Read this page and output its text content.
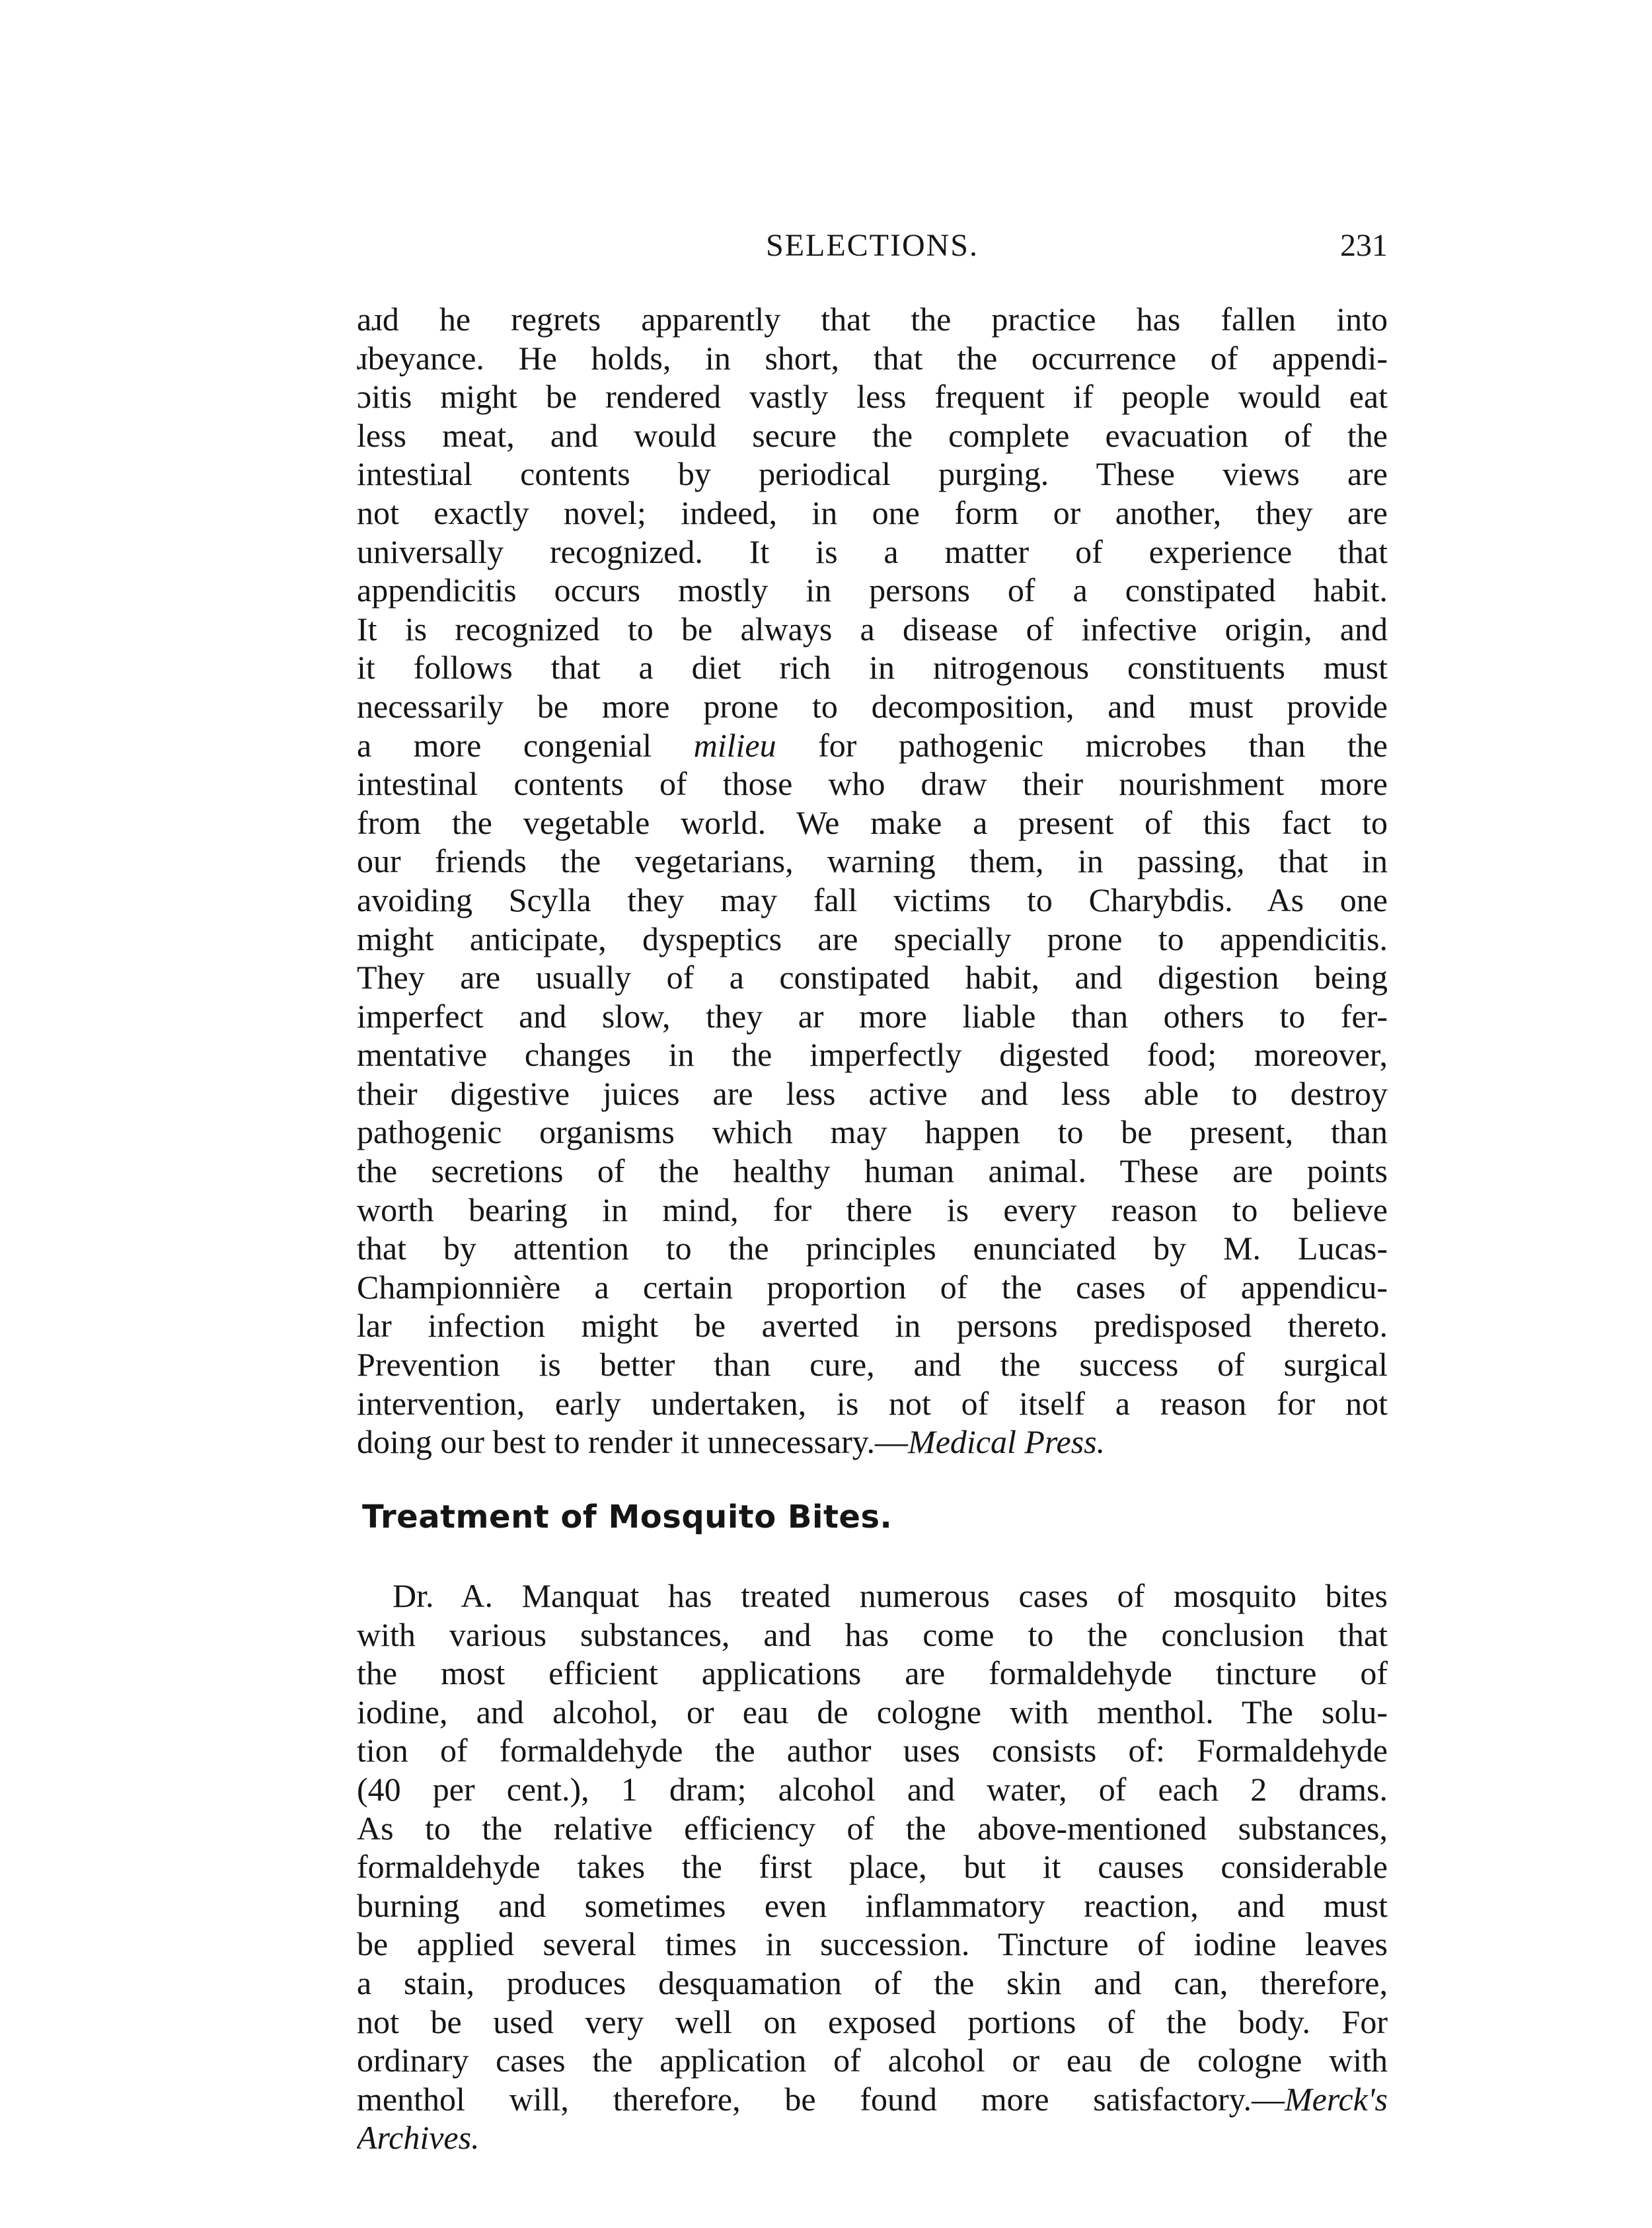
SELECTIONS.	231
aɹd he regrets apparently that the practice has fallen into
ɹbeyance. He holds, in short, that the occurrence of appendi-
ɔitis might be rendered vastly less frequent if people would eat
less meat, and would secure the complete evacuation of the
intestiɹal contents by periodical purging. These views are
not exactly novel; indeed, in one form or another, they are
universally recognized. It is a matter of experience that
appendicitis occurs mostly in persons of a constipated habit.
It is recognized to be always a disease of infective origin, and
it follows that a diet rich in nitrogenous constituents must
necessarily be more prone to decomposition, and must provide
a more congenial milieu for pathogenic microbes than the
intestinal contents of those who draw their nourishment more
from the vegetable world. We make a present of this fact to
our friends the vegetarians, warning them, in passing, that in
avoiding Scylla they may fall victims to Charybdis. As one
might anticipate, dyspeptics are specially prone to appendicitis.
They are usually of a constipated habit, and digestion being
imperfect and slow, they ar more liable than others to fer-
mentative changes in the imperfectly digested food; moreover,
their digestive juices are less active and less able to destroy
pathogenic organisms which may happen to be present, than
the secretions of the healthy human animal. These are points
worth bearing in mind, for there is every reason to believe
that by attention to the principles enunciated by M. Lucas-
Championnière a certain proportion of the cases of appendicu-
lar infection might be averted in persons predisposed thereto.
Prevention is better than cure, and the success of surgical
intervention, early undertaken, is not of itself a reason for not
doing our best to render it unnecessary.—Medical Press.
Treatment of Mosquito Bites.
Dr. A. Manquat has treated numerous cases of mosquito bites
with various substances, and has come to the conclusion that
the most efficient applications are formaldehyde tincture of
iodine, and alcohol, or eau de cologne with menthol. The solu-
tion of formaldehyde the author uses consists of: Formaldehyde
(40 per cent.), 1 dram; alcohol and water, of each 2 drams.
As to the relative efficiency of the above-mentioned substances,
formaldehyde takes the first place, but it causes considerable
burning and sometimes even inflammatory reaction, and must
be applied several times in succession. Tincture of iodine leaves
a stain, produces desquamation of the skin and can, therefore,
not be used very well on exposed portions of the body. For
ordinary cases the application of alcohol or eau de cologne with
menthol will, therefore, be found more satisfactory.—Merck's
Archives.
